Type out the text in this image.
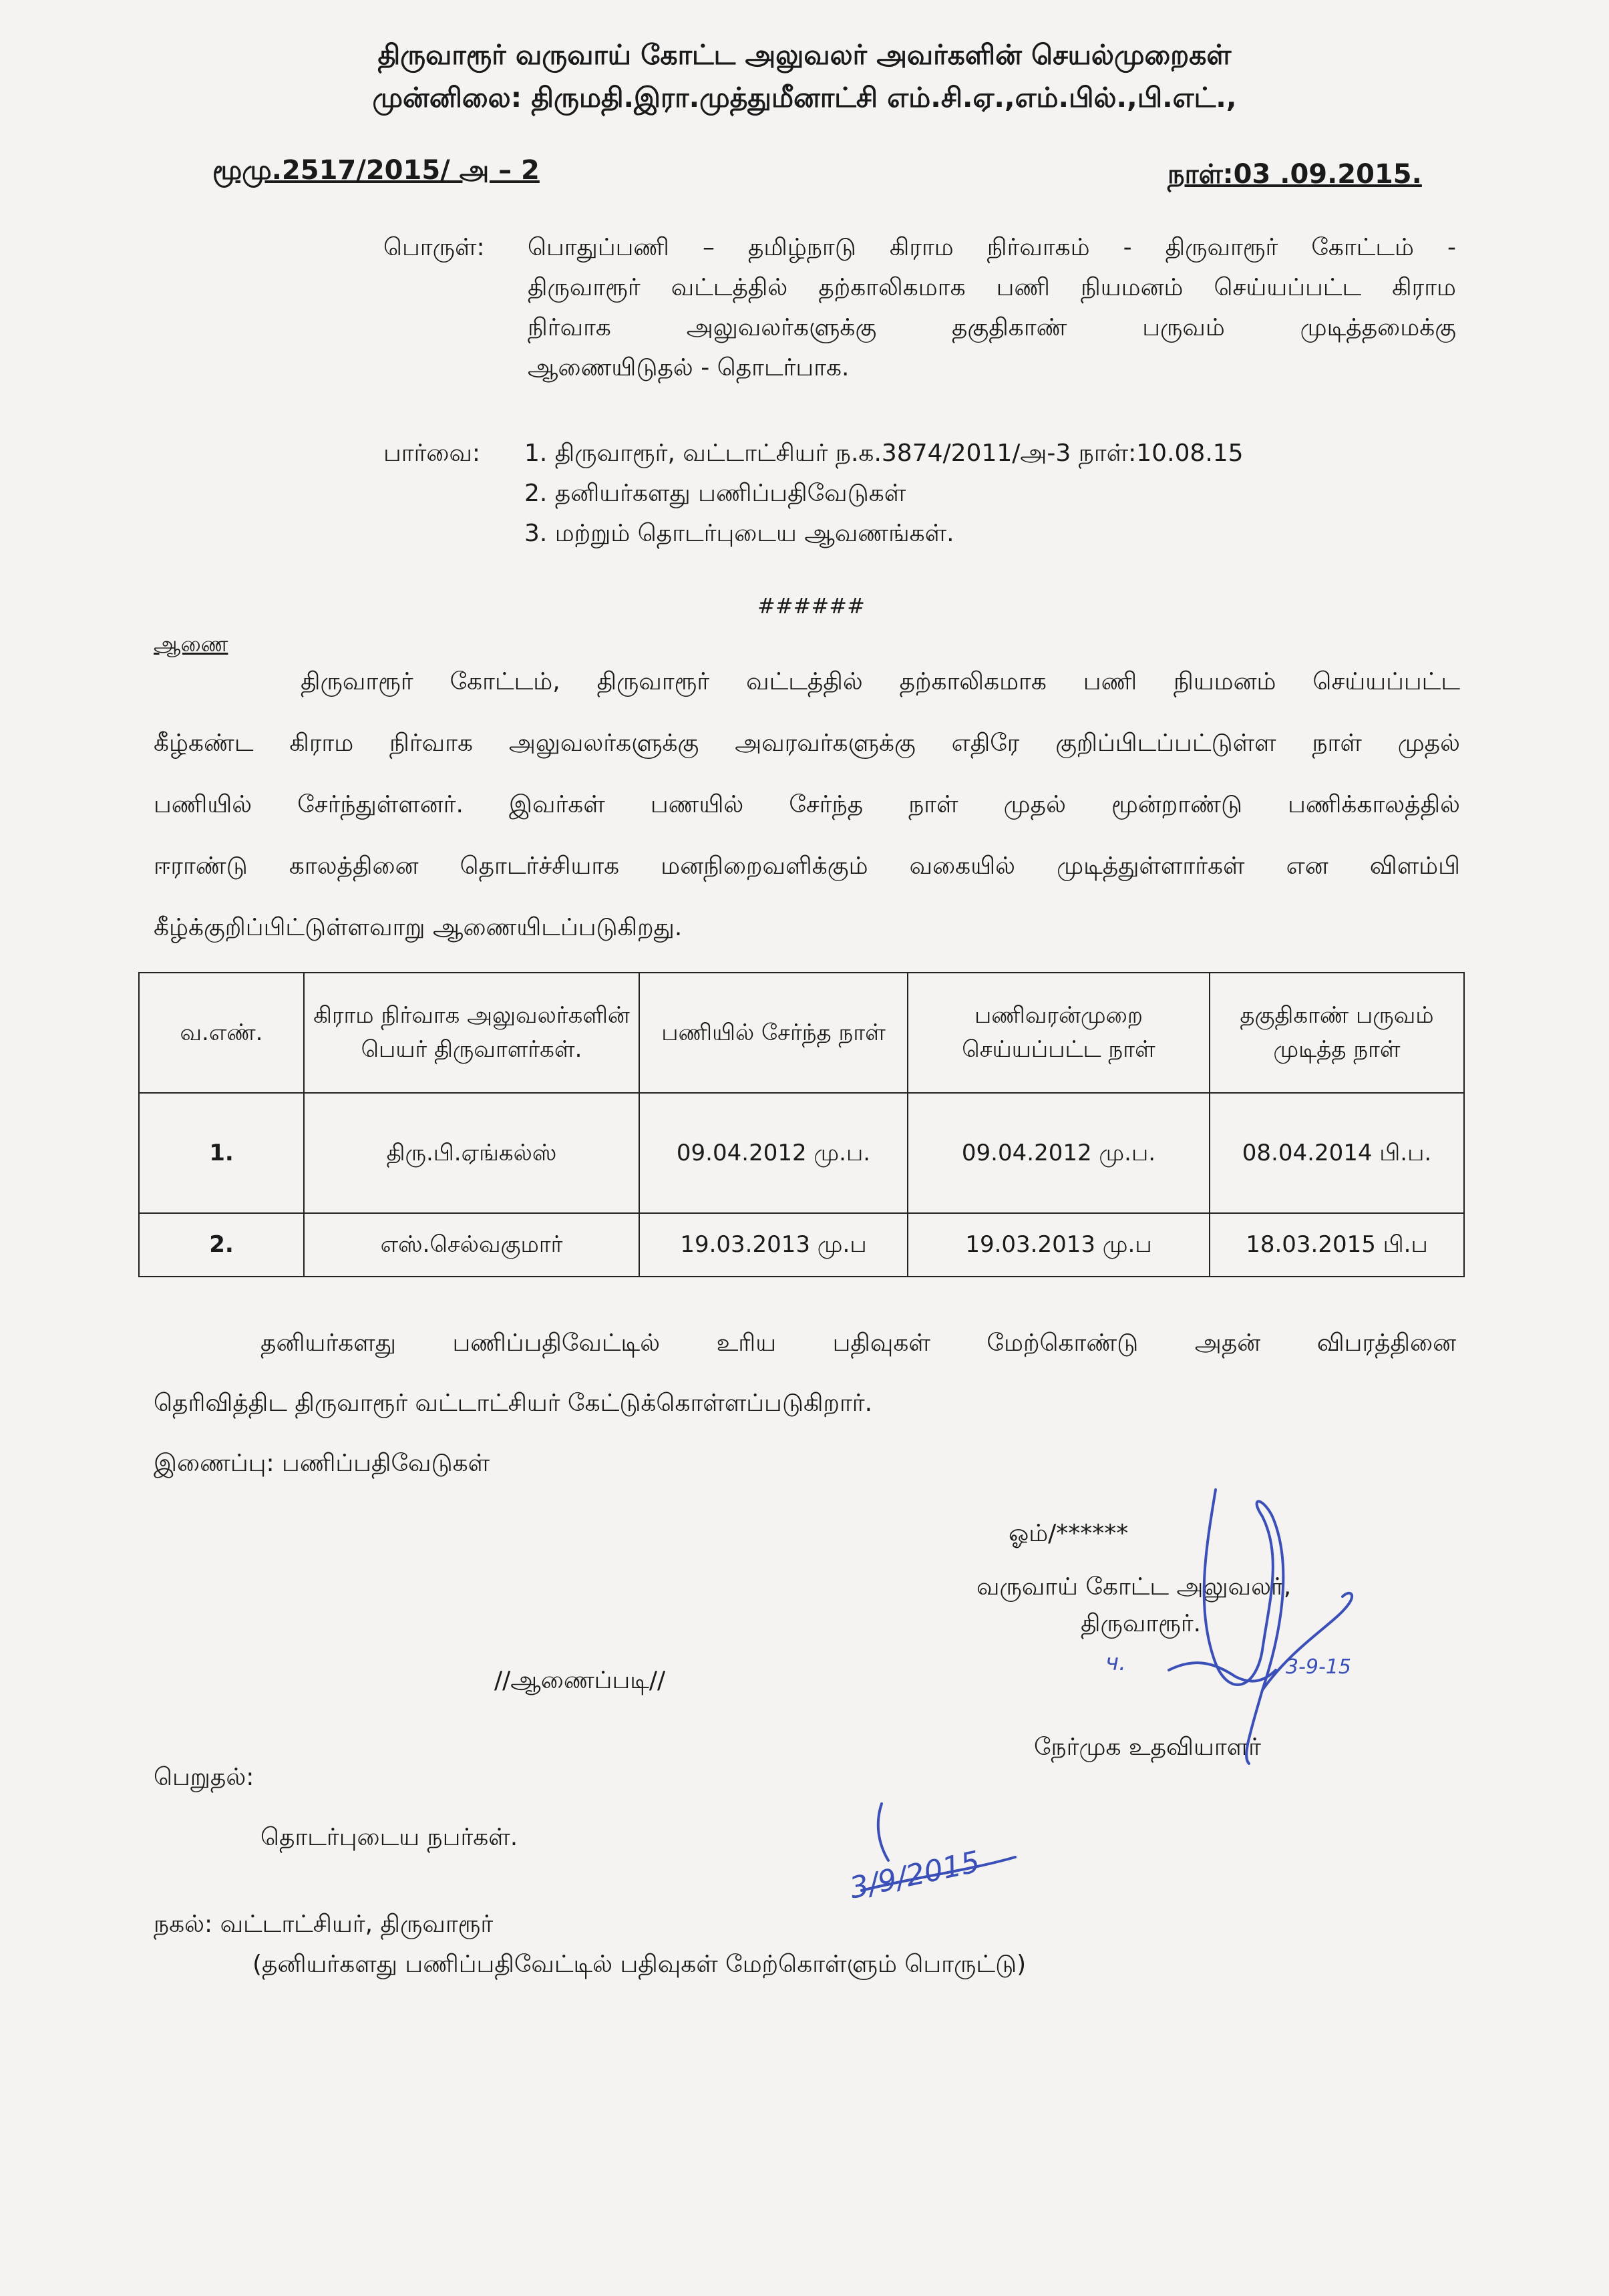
திருவாரூர் வருவாய் கோட்ட அலுவலர் அவர்களின் செயல்முறைகள்
முன்னிலை: திருமதி.இரா.முத்துமீனாட்சி எம்.சி.ஏ.,எம்.பில்.,பி.எட்.,
மூமு.2517/2015/ அ – 2	நாள்:03 .09.2015.
பொருள்: பொதுப்பணி – தமிழ்நாடு கிராம நிர்வாகம் - திருவாரூர் கோட்டம் -
திருவாரூர் வட்டத்தில் தற்காலிகமாக பணி நியமனம் செய்யப்பட்ட கிராம
நிர்வாக அலுவலர்களுக்கு தகுதிகாண் பருவம் முடித்தமைக்கு
ஆணையிடுதல் - தொடர்பாக.
பார்வை: 1. திருவாரூர், வட்டாட்சியர் ந.க.3874/2011/அ-3 நாள்:10.08.15
2. தனியர்களது பணிப்பதிவேடுகள்
3. மற்றும் தொடர்புடைய ஆவணங்கள்.
######
ஆணை
திருவாரூர் கோட்டம், திருவாரூர் வட்டத்தில் தற்காலிகமாக பணி நியமனம் செய்யப்பட்ட
கீழ்கண்ட கிராம நிர்வாக அலுவலர்களுக்கு அவரவர்களுக்கு எதிரே குறிப்பிடப்பட்டுள்ள நாள் முதல்
பணியில் சேர்ந்துள்ளனர். இவர்கள் பணயில் சேர்ந்த நாள் முதல் மூன்றாண்டு பணிக்காலத்தில்
ஈராண்டு காலத்தினை தொடர்ச்சியாக மனநிறைவளிக்கும் வகையில் முடித்துள்ளார்கள் என விளம்பி
கீழ்க்குறிப்பிட்டுள்ளவாறு ஆணையிடப்படுகிறது.
வ.எண்.	கிராம நிர்வாக அலுவலர்களின் பெயர் திருவாளர்கள்.	பணியில் சேர்ந்த நாள்	பணிவரன்முறை செய்யப்பட்ட நாள்	தகுதிகாண் பருவம் முடித்த நாள்
1.	திரு.பி.ஏங்கல்ஸ்	09.04.2012 மு.ப.	09.04.2012 மு.ப.	08.04.2014 பி.ப.
2.	எஸ்.செல்வகுமார்	19.03.2013 மு.ப	19.03.2013 மு.ப	18.03.2015 பி.ப
தனியர்களது பணிப்பதிவேட்டில் உரிய பதிவுகள் மேற்கொண்டு அதன் விபரத்தினை
தெரிவித்திட திருவாரூர் வட்டாட்சியர் கேட்டுக்கொள்ளப்படுகிறார்.
இணைப்பு: பணிப்பதிவேடுகள்
ஓம்/******
வருவாய் கோட்ட அலுவலர்,
திருவாரூர்.
//ஆணைப்படி//
நேர்முக உதவியாளர்
பெறுதல்:
தொடர்புடைய நபர்கள்.
நகல்: வட்டாட்சியர், திருவாரூர்
(தனியர்களது பணிப்பதிவேட்டில் பதிவுகள் மேற்கொள்ளும் பொருட்டு)
3-9-15
ч.
3/9/2015
